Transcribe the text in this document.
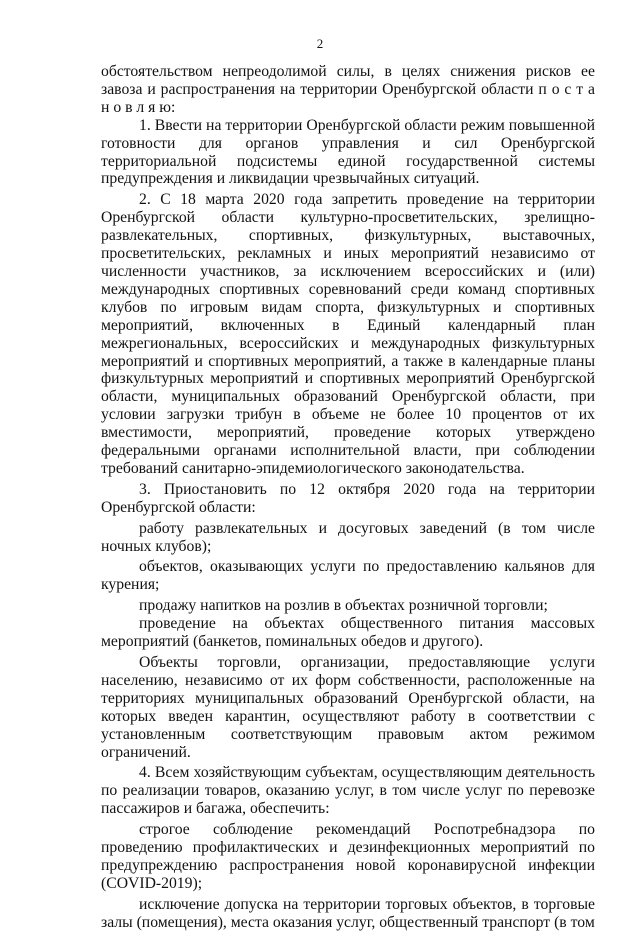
2

обстоятельством непреодолимой силы, в целях снижения рисков ее завоза и распространения на территории Оренбургской области п о с т а н о в л я ю:

1. Ввести на территории Оренбургской области режим повышенной готовности для органов управления и сил Оренбургской территориальной подсистемы единой государственной системы предупреждения и ликвидации чрезвычайных ситуаций.

2. С 18 марта 2020 года запретить проведение на территории Оренбургской области культурно-просветительских, зрелищно-развлекательных, спортивных, физкультурных, выставочных, просветительских, рекламных и иных мероприятий независимо от численности участников, за исключением всероссийских и (или) международных спортивных соревнований среди команд спортивных клубов по игровым видам спорта, физкультурных и спортивных мероприятий, включенных в Единый календарный план межрегиональных, всероссийских и международных физкультурных мероприятий и спортивных мероприятий, а также в календарные планы физкультурных мероприятий и спортивных мероприятий Оренбургской области, муниципальных образований Оренбургской области, при условии загрузки трибун в объеме не более 10 процентов от их вместимости, мероприятий, проведение которых утверждено федеральными органами исполнительной власти, при соблюдении требований санитарно-эпидемиологического законодательства.

3. Приостановить по 12 октября 2020 года на территории Оренбургской области:

работу развлекательных и досуговых заведений (в том числе ночных клубов);

объектов, оказывающих услуги по предоставлению кальянов для курения;

продажу напитков на розлив в объектах розничной торговли;

проведение на объектах общественного питания массовых мероприятий (банкетов, поминальных обедов и другого).

Объекты торговли, организации, предоставляющие услуги населению, независимо от их форм собственности, расположенные на территориях муниципальных образований Оренбургской области, на которых введен карантин, осуществляют работу в соответствии с установленным соответствующим правовым актом режимом ограничений.

4. Всем хозяйствующим субъектам, осуществляющим деятельность по реализации товаров, оказанию услуг, в том числе услуг по перевозке пассажиров и багажа, обеспечить:

строгое соблюдение рекомендаций Роспотребнадзора по проведению профилактических и дезинфекционных мероприятий по предупреждению распространения новой коронавирусной инфекции (COVID-2019);

исключение допуска на территории торговых объектов, в торговые залы (помещения), места оказания услуг, общественный транспорт (в том
